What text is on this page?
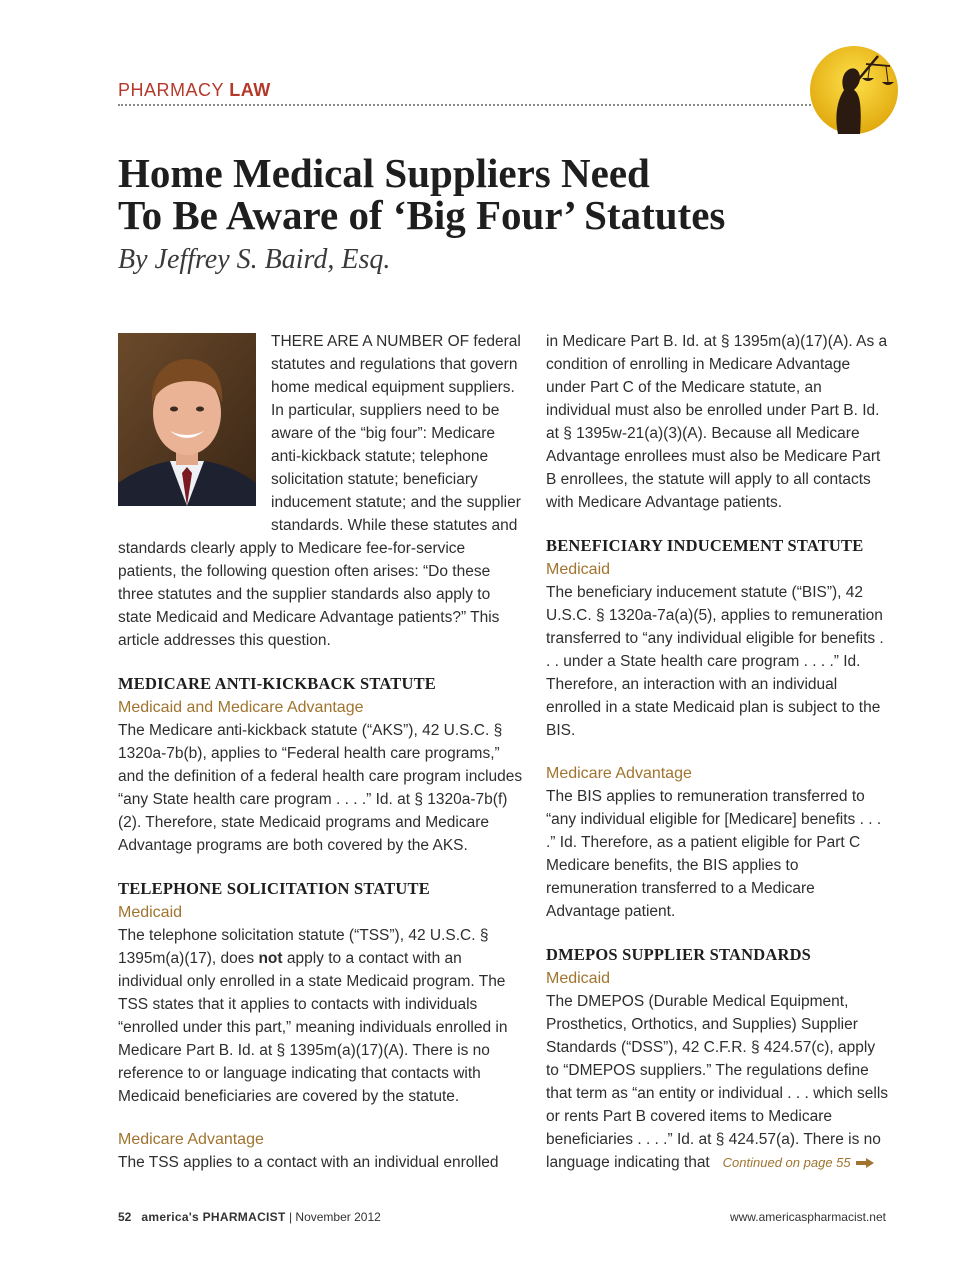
PHARMACY LAW
Home Medical Suppliers Need
To Be Aware of ‘Big Four’ Statutes
By Jeffrey S. Baird, Esq.

THERE ARE A NUMBER OF federal statutes and regulations that govern home medical equipment suppliers. In particular, suppliers need to be aware of the “big four”: Medicare anti-kickback statute; telephone solicitation statute; beneficiary inducement statute; and the supplier standards. While these statutes and standards clearly apply to Medicare fee-for-service patients, the following question often arises: “Do these three statutes and the supplier standards also apply to state Medicaid and Medicare Advantage patients?” This article addresses this question.

MEDICARE ANTI-KICKBACK STATUTE

Medicaid and Medicare Advantage

The Medicare anti-kickback statute (“AKS”), 42 U.S.C. § 1320a-7b(b), applies to “Federal health care programs,” and the definition of a federal health care program includes “any State health care program . . . .” Id. at § 1320a-7b(f)(2). Therefore, state Medicaid programs and Medicare Advantage programs are both covered by the AKS.

TELEPHONE SOLICITATION STATUTE

Medicaid

The telephone solicitation statute (“TSS”), 42 U.S.C. § 1395m(a)(17), does not apply to a contact with an individual only enrolled in a state Medicaid program. The TSS states that it applies to contacts with individuals “enrolled under this part,” meaning individuals enrolled in Medicare Part B. Id. at § 1395m(a)(17)(A). There is no reference to or language indicating that contacts with Medicaid beneficiaries are covered by the statute.

Medicare Advantage

The TSS applies to a contact with an individual enrolled

in Medicare Part B. Id. at § 1395m(a)(17)(A). As a condition of enrolling in Medicare Advantage under Part C of the Medicare statute, an individual must also be enrolled under Part B. Id. at § 1395w-21(a)(3)(A). Because all Medicare Advantage enrollees must also be Medicare Part B enrollees, the statute will apply to all contacts with Medicare Advantage patients.

BENEFICIARY INDUCEMENT STATUTE

Medicaid

The beneficiary inducement statute (“BIS”), 42 U.S.C. § 1320a-7a(a)(5), applies to remuneration transferred to “any individual eligible for benefits . . . under a State health care program . . . .” Id. Therefore, an interaction with an individual enrolled in a state Medicaid plan is subject to the BIS.

Medicare Advantage

The BIS applies to remuneration transferred to “any individual eligible for [Medicare] benefits . . . .” Id. Therefore, as a patient eligible for Part C Medicare benefits, the BIS applies to remuneration transferred to a Medicare Advantage patient.

DMEPOS SUPPLIER STANDARDS

Medicaid

The DMEPOS (Durable Medical Equipment, Prosthetics, Orthotics, and Supplies) Supplier Standards (“DSS”), 42 C.F.R. § 424.57(c), apply to “DMEPOS suppliers.” The regulations define that term as “an entity or individual . . . which sells or rents Part B covered items to Medicare beneficiaries . . . .” Id. at § 424.57(a). There is no language indicating that Continued on page 55

52 america's PHARMACIST | November 2012	www.americaspharmacist.net
